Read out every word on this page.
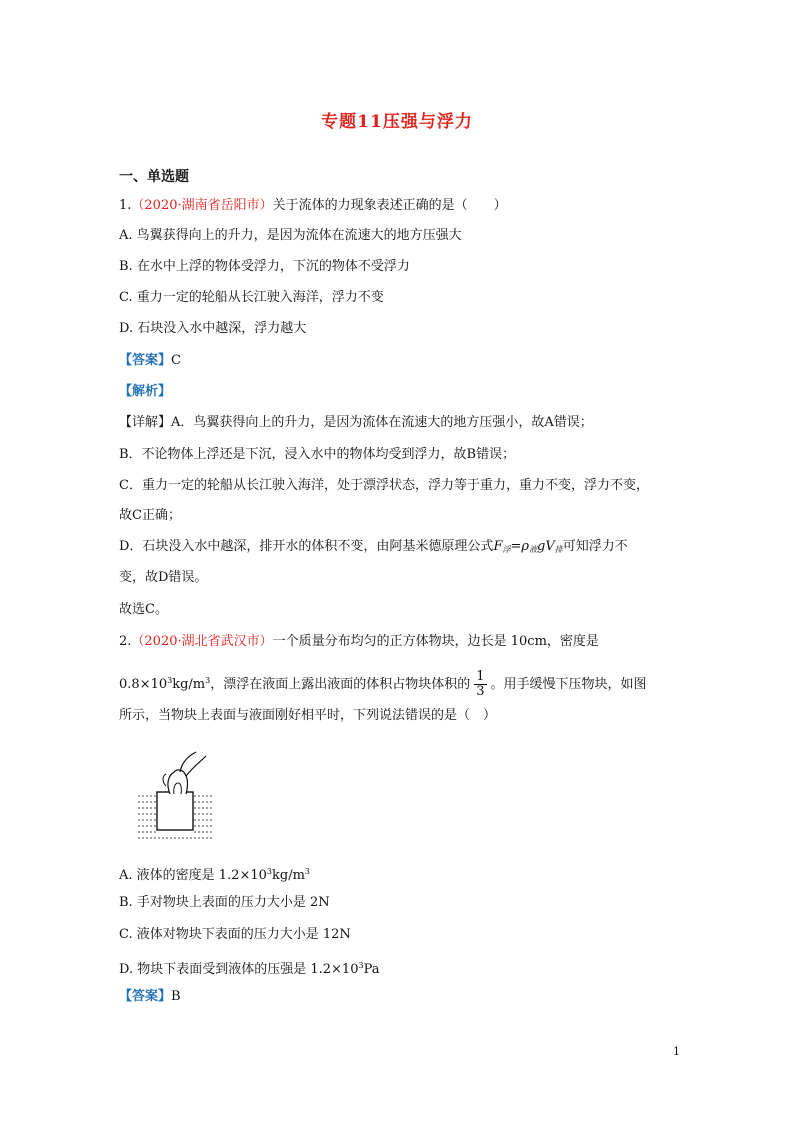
专题11压强与浮力
一、单选题
1.（2020·湖南省岳阳市）关于流体的力现象表述正确的是（　　）
A. 鸟翼获得向上的升力，是因为流体在流速大的地方压强大
B. 在水中上浮的物体受浮力，下沉的物体不受浮力
C. 重力一定的轮船从长江驶入海洋，浮力不变
D. 石块没入水中越深，浮力越大
【答案】C
【解析】
【详解】A．鸟翼获得向上的升力，是因为流体在流速大的地方压强小，故A错误；
B．不论物体上浮还是下沉，浸入水中的物体均受到浮力，故B错误；
C．重力一定的轮船从长江驶入海洋，处于漂浮状态，浮力等于重力，重力不变，浮力不变，
故C正确；
D．石块没入水中越深，排开水的体积不变，由阿基米德原理公式$F_浮=\rho_液gV_排$可知浮力不
变，故D错误。
故选C。
2.（2020·湖北省武汉市）一个质量分布均匀的正方体物块，边长是 10cm，密度是
$0.8\times 10^3kg/m^3$，漂浮在液面上露出液面的体积占物块体积的 $\frac{1}{3}$ 。用手缓慢下压物块，如图
所示，当物块上表面与液面刚好相平时，下列说法错误的是（　）
A. 液体的密度是 $1.2\times 10^3kg/m^3$
B. 手对物块上表面的压力大小是 2N
C. 液体对物块下表面的压力大小是 12N
D. 物块下表面受到液体的压强是 $1.2\times 10^3Pa$
【答案】B
1
